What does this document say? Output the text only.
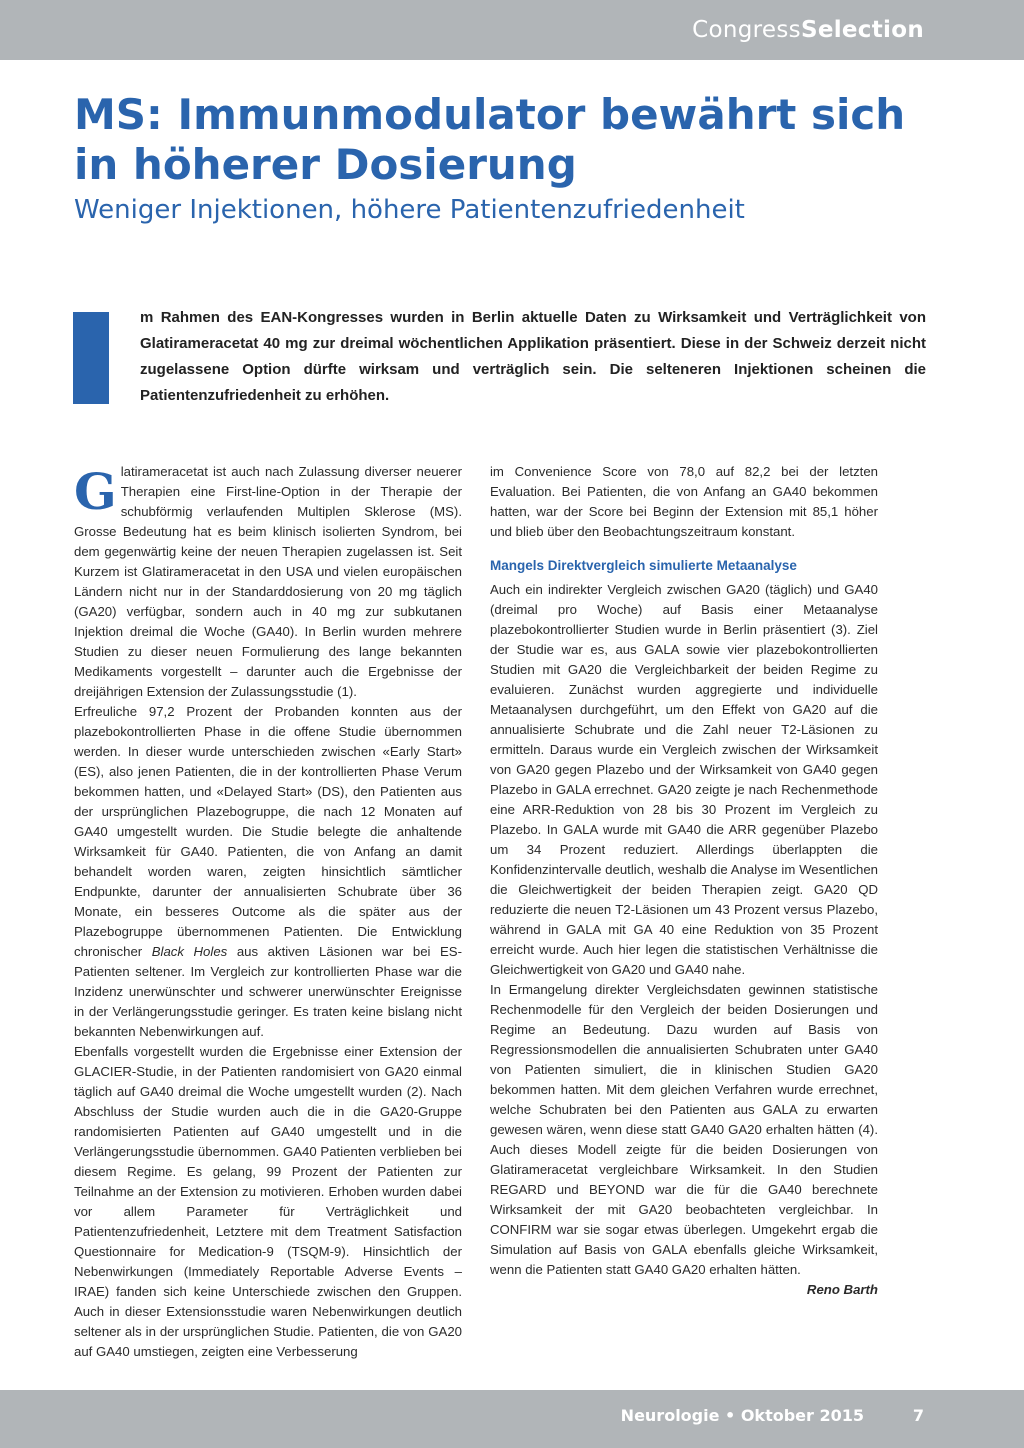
CongressSelection
MS: Immunmodulator bewährt sich in höherer Dosierung
Weniger Injektionen, höhere Patientenzufriedenheit

m Rahmen des EAN-Kongresses wurden in Berlin aktuelle Daten zu Wirksamkeit und Verträglichkeit von Glatirameracetat 40 mg zur dreimal wöchentlichen Applikation präsentiert. Diese in der Schweiz derzeit nicht zugelassene Option dürfte wirksam und verträglich sein. Die selteneren Injektionen scheinen die Patientenzufriedenheit zu erhöhen.

Glatirameracetat ist auch nach Zulassung diverser neuerer Therapien eine First-line-Option in der Therapie der schubförmig verlaufenden Multiplen Sklerose (MS). Grosse Bedeutung hat es beim klinisch isolierten Syndrom, bei dem gegenwärtig keine der neuen Therapien zugelassen ist. Seit Kurzem ist Glatirameracetat in den USA und vielen europäischen Ländern nicht nur in der Standarddosierung von 20 mg täglich (GA20) verfügbar, sondern auch in 40 mg zur subkutanen Injektion dreimal die Woche (GA40). In Berlin wurden mehrere Studien zu dieser neuen Formulierung des lange bekannten Medikaments vorgestellt – darunter auch die Ergebnisse der dreijährigen Extension der Zulassungsstudie (1).

Erfreuliche 97,2 Prozent der Probanden konnten aus der plazebokontrollierten Phase in die offene Studie übernommen werden. In dieser wurde unterschieden zwischen «Early Start» (ES), also jenen Patienten, die in der kontrollierten Phase Verum bekommen hatten, und «Delayed Start» (DS), den Patienten aus der ursprünglichen Plazebogruppe, die nach 12 Monaten auf GA40 umgestellt wurden. Die Studie belegte die anhaltende Wirksamkeit für GA40. Patienten, die von Anfang an damit behandelt worden waren, zeigten hinsichtlich sämtlicher Endpunkte, darunter der annualisierten Schubrate über 36 Monate, ein besseres Outcome als die später aus der Plazebogruppe übernommenen Patienten. Die Entwicklung chronischer Black Holes aus aktiven Läsionen war bei ES-Patienten seltener. Im Vergleich zur kontrollierten Phase war die Inzidenz unerwünschter und schwerer unerwünschter Ereignisse in der Verlängerungsstudie geringer. Es traten keine bislang nicht bekannten Nebenwirkungen auf.

Ebenfalls vorgestellt wurden die Ergebnisse einer Extension der GLACIER-Studie, in der Patienten randomisiert von GA20 einmal täglich auf GA40 dreimal die Woche umgestellt wurden (2). Nach Abschluss der Studie wurden auch die in die GA20-Gruppe randomisierten Patienten auf GA40 umgestellt und in die Verlängerungsstudie übernommen. GA40 Patienten verblieben bei diesem Regime. Es gelang, 99 Prozent der Patienten zur Teilnahme an der Extension zu motivieren. Erhoben wurden dabei vor allem Parameter für Verträglichkeit und Patientenzufriedenheit, Letztere mit dem Treatment Satisfaction Questionnaire for Medication-9 (TSQM-9). Hinsichtlich der Nebenwirkungen (Immediately Reportable Adverse Events – IRAE) fanden sich keine Unterschiede zwischen den Gruppen. Auch in dieser Extensionsstudie waren Nebenwirkungen deutlich seltener als in der ursprünglichen Studie. Patienten, die von GA20 auf GA40 umstiegen, zeigten eine Verbesserung

im Convenience Score von 78,0 auf 82,2 bei der letzten Evaluation. Bei Patienten, die von Anfang an GA40 bekommen hatten, war der Score bei Beginn der Extension mit 85,1 höher und blieb über den Beobachtungszeitraum konstant.

Mangels Direktvergleich simulierte Metaanalyse

Auch ein indirekter Vergleich zwischen GA20 (täglich) und GA40 (dreimal pro Woche) auf Basis einer Metaanalyse plazebokontrollierter Studien wurde in Berlin präsentiert (3). Ziel der Studie war es, aus GALA sowie vier plazebokontrollierten Studien mit GA20 die Vergleichbarkeit der beiden Regime zu evaluieren. Zunächst wurden aggregierte und individuelle Metaanalysen durchgeführt, um den Effekt von GA20 auf die annualisierte Schubrate und die Zahl neuer T2-Läsionen zu ermitteln. Daraus wurde ein Vergleich zwischen der Wirksamkeit von GA20 gegen Plazebo und der Wirksamkeit von GA40 gegen Plazebo in GALA errechnet. GA20 zeigte je nach Rechenmethode eine ARR-Reduktion von 28 bis 30 Prozent im Vergleich zu Plazebo. In GALA wurde mit GA40 die ARR gegenüber Plazebo um 34 Prozent reduziert. Allerdings überlappten die Konfidenzintervalle deutlich, weshalb die Analyse im Wesentlichen die Gleichwertigkeit der beiden Therapien zeigt. GA20 QD reduzierte die neuen T2-Läsionen um 43 Prozent versus Plazebo, während in GALA mit GA 40 eine Reduktion von 35 Prozent erreicht wurde. Auch hier legen die statistischen Verhältnisse die Gleichwertigkeit von GA20 und GA40 nahe.

In Ermangelung direkter Vergleichsdaten gewinnen statistische Rechenmodelle für den Vergleich der beiden Dosierungen und Regime an Bedeutung. Dazu wurden auf Basis von Regressionsmodellen die annualisierten Schubraten unter GA40 von Patienten simuliert, die in klinischen Studien GA20 bekommen hatten. Mit dem gleichen Verfahren wurde errechnet, welche Schubraten bei den Patienten aus GALA zu erwarten gewesen wären, wenn diese statt GA40 GA20 erhalten hätten (4). Auch dieses Modell zeigte für die beiden Dosierungen von Glatirameracetat vergleichbare Wirksamkeit. In den Studien REGARD und BEYOND war die für die GA40 berechnete Wirksamkeit der mit GA20 beobachteten vergleichbar. In CONFIRM war sie sogar etwas überlegen. Umgekehrt ergab die Simulation auf Basis von GALA ebenfalls gleiche Wirksamkeit, wenn die Patienten statt GA40 GA20 erhalten hätten.

Reno Barth

Neurologie • Oktober 2015	7
